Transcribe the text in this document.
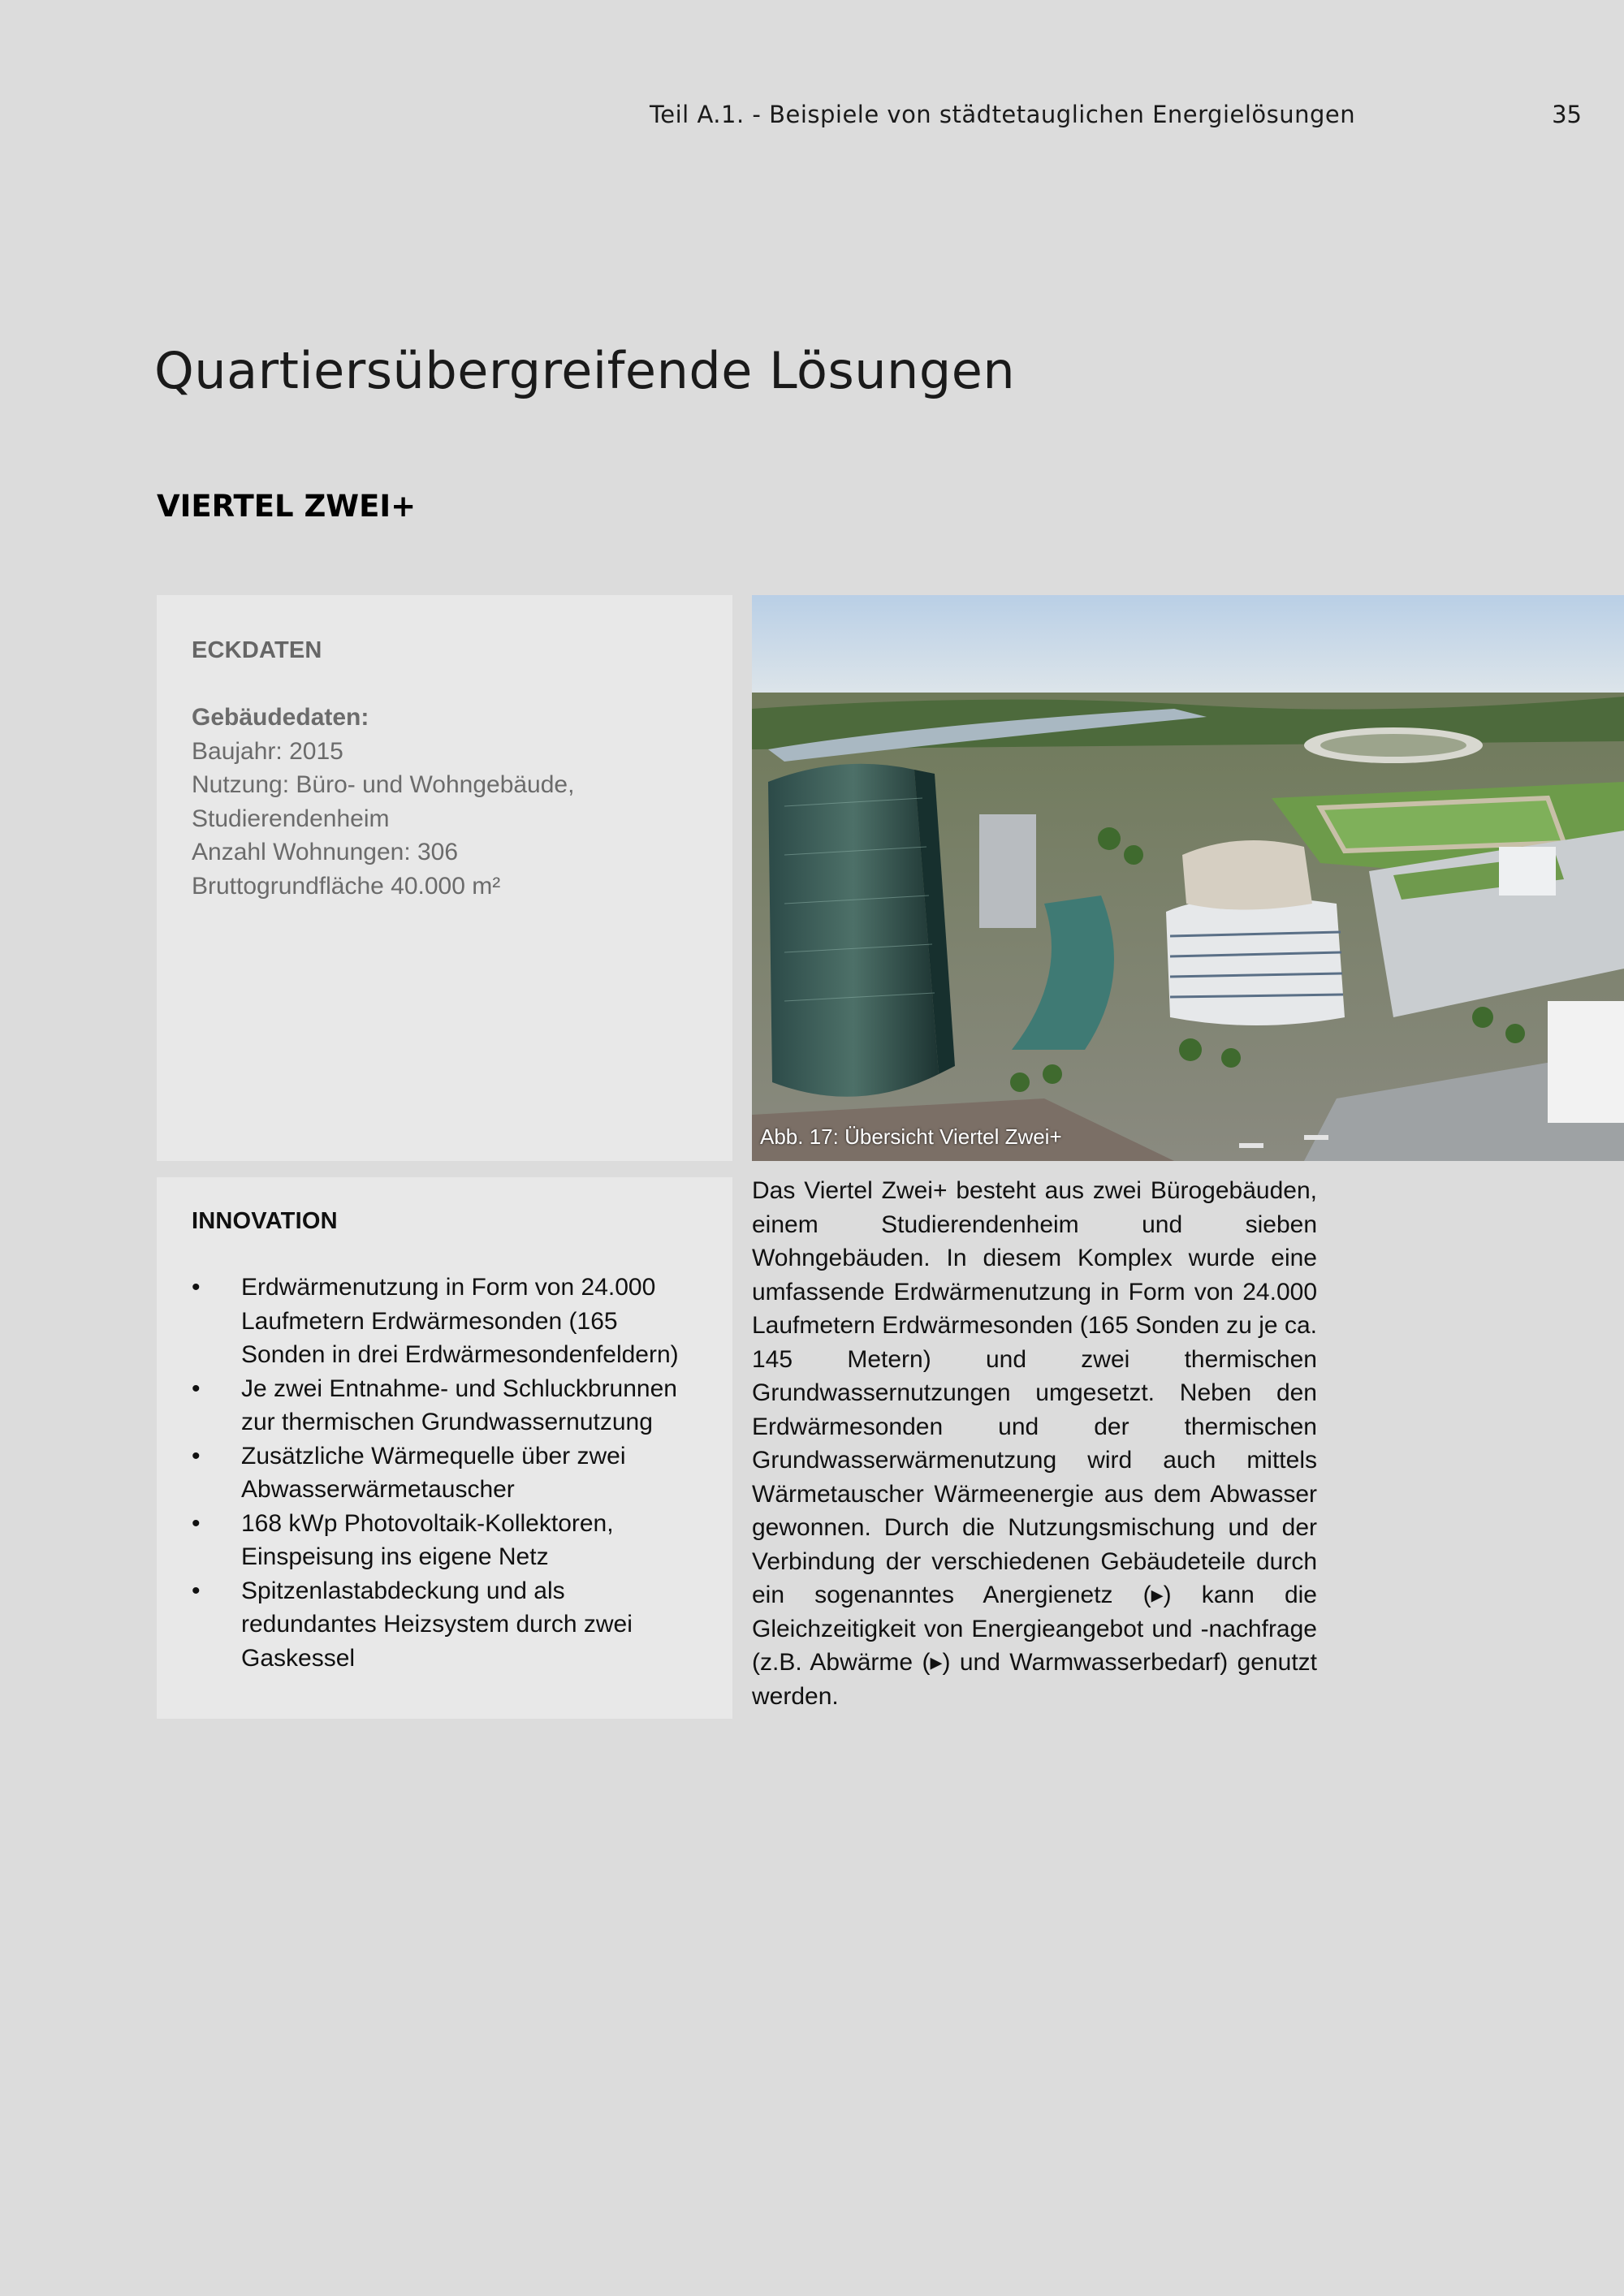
Teil A.1. - Beispiele von städtetauglichen Energielösungen	35
Quartiersübergreifende Lösungen
VIERTEL ZWEI+

ECKDATEN

Gebäudedaten:
Baujahr: 2015
Nutzung: Büro- und Wohngebäude,
Studierendenheim
Anzahl Wohnungen: 306
Bruttogrundfläche 40.000 m²
Abb. 17: Übersicht Viertel Zwei+

INNOVATION

• Erdwärmenutzung in Form von 24.000 Laufmetern Erdwärmesonden (165 Sonden in drei Erdwärmesondenfeldern)
• Je zwei Entnahme- und Schluckbrunnen zur thermischen Grundwassernutzung
• Zusätzliche Wärmequelle über zwei Abwasserwärmetauscher
• 168 kWp Photovoltaik-Kollektoren, Einspeisung ins eigene Netz
• Spitzenlastabdeckung und als redundantes Heizsystem durch zwei Gaskessel

Das Viertel Zwei+ besteht aus zwei Bürogebäuden, einem Studierendenheim und sieben Wohngebäuden. In diesem Komplex wurde eine umfassende Erdwärmenutzung in Form von 24.000 Laufmetern Erdwärmesonden (165 Sonden zu je ca. 145 Metern) und zwei thermischen Grundwassernutzungen umgesetzt. Neben den Erdwärmesonden und der thermischen Grundwasserwärmenutzung wird auch mittels Wärmetauscher Wärmeenergie aus dem Abwasser gewonnen. Durch die Nutzungsmischung und der Verbindung der verschiedenen Gebäudeteile durch ein sogenanntes Anergienetz (▸) kann die Gleichzeitigkeit von Energieangebot und -nachfrage (z.B. Abwärme (▸) und Warmwasserbedarf) genutzt werden.
